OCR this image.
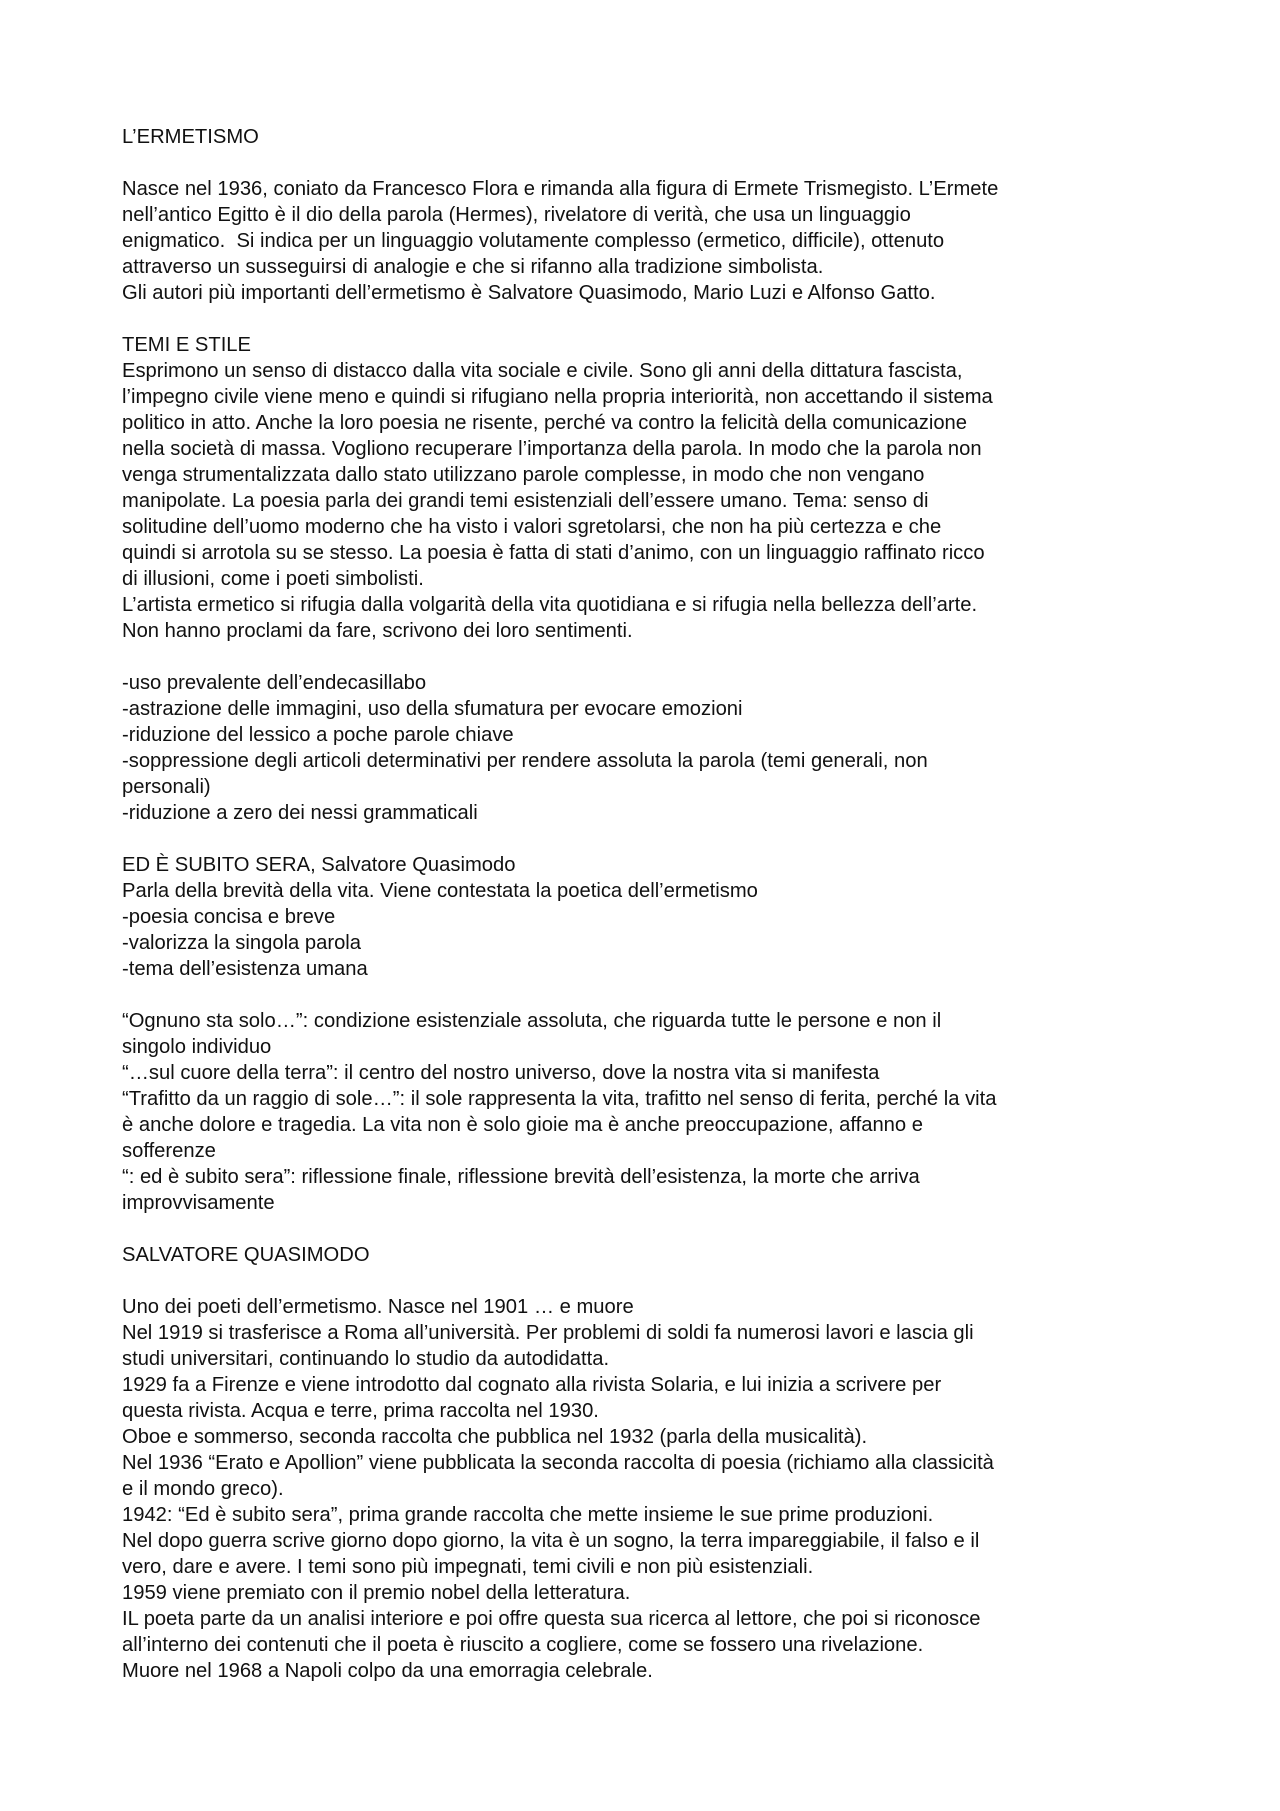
L’ERMETISMO
Nasce nel 1936, coniato da Francesco Flora e rimanda alla figura di Ermete Trismegisto. L’Ermete
nell’antico Egitto è il dio della parola (Hermes), rivelatore di verità, che usa un linguaggio
enigmatico.  Si indica per un linguaggio volutamente complesso (ermetico, difficile), ottenuto
attraverso un susseguirsi di analogie e che si rifanno alla tradizione simbolista.
Gli autori più importanti dell’ermetismo è Salvatore Quasimodo, Mario Luzi e Alfonso Gatto.
TEMI E STILE
Esprimono un senso di distacco dalla vita sociale e civile. Sono gli anni della dittatura fascista,
l’impegno civile viene meno e quindi si rifugiano nella propria interiorità, non accettando il sistema
politico in atto. Anche la loro poesia ne risente, perché va contro la felicità della comunicazione
nella società di massa. Vogliono recuperare l’importanza della parola. In modo che la parola non
venga strumentalizzata dallo stato utilizzano parole complesse, in modo che non vengano
manipolate. La poesia parla dei grandi temi esistenziali dell’essere umano. Tema: senso di
solitudine dell’uomo moderno che ha visto i valori sgretolarsi, che non ha più certezza e che
quindi si arrotola su se stesso. La poesia è fatta di stati d’animo, con un linguaggio raffinato ricco
di illusioni, come i poeti simbolisti.
L’artista ermetico si rifugia dalla volgarità della vita quotidiana e si rifugia nella bellezza dell’arte.
Non hanno proclami da fare, scrivono dei loro sentimenti.
-uso prevalente dell’endecasillabo
-astrazione delle immagini, uso della sfumatura per evocare emozioni
-riduzione del lessico a poche parole chiave
-soppressione degli articoli determinativi per rendere assoluta la parola (temi generali, non
personali)
-riduzione a zero dei nessi grammaticali
ED È SUBITO SERA, Salvatore Quasimodo
Parla della brevità della vita. Viene contestata la poetica dell’ermetismo
-poesia concisa e breve
-valorizza la singola parola
-tema dell’esistenza umana
“Ognuno sta solo…”: condizione esistenziale assoluta, che riguarda tutte le persone e non il
singolo individuo
“…sul cuore della terra”: il centro del nostro universo, dove la nostra vita si manifesta
“Trafitto da un raggio di sole…”: il sole rappresenta la vita, trafitto nel senso di ferita, perché la vita
è anche dolore e tragedia. La vita non è solo gioie ma è anche preoccupazione, affanno e
sofferenze
“: ed è subito sera”: riflessione finale, riflessione brevità dell’esistenza, la morte che arriva
improvvisamente
SALVATORE QUASIMODO
Uno dei poeti dell’ermetismo. Nasce nel 1901 … e muore
Nel 1919 si trasferisce a Roma all’università. Per problemi di soldi fa numerosi lavori e lascia gli
studi universitari, continuando lo studio da autodidatta.
1929 fa a Firenze e viene introdotto dal cognato alla rivista Solaria, e lui inizia a scrivere per
questa rivista. Acqua e terre, prima raccolta nel 1930.
Oboe e sommerso, seconda raccolta che pubblica nel 1932 (parla della musicalità).
Nel 1936 “Erato e Apollion” viene pubblicata la seconda raccolta di poesia (richiamo alla classicità
e il mondo greco).
1942: “Ed è subito sera”, prima grande raccolta che mette insieme le sue prime produzioni.
Nel dopo guerra scrive giorno dopo giorno, la vita è un sogno, la terra impareggiabile, il falso e il
vero, dare e avere. I temi sono più impegnati, temi civili e non più esistenziali.
1959 viene premiato con il premio nobel della letteratura.
IL poeta parte da un analisi interiore e poi offre questa sua ricerca al lettore, che poi si riconosce
all’interno dei contenuti che il poeta è riuscito a cogliere, come se fossero una rivelazione.
Muore nel 1968 a Napoli colpo da una emorragia celebrale.
